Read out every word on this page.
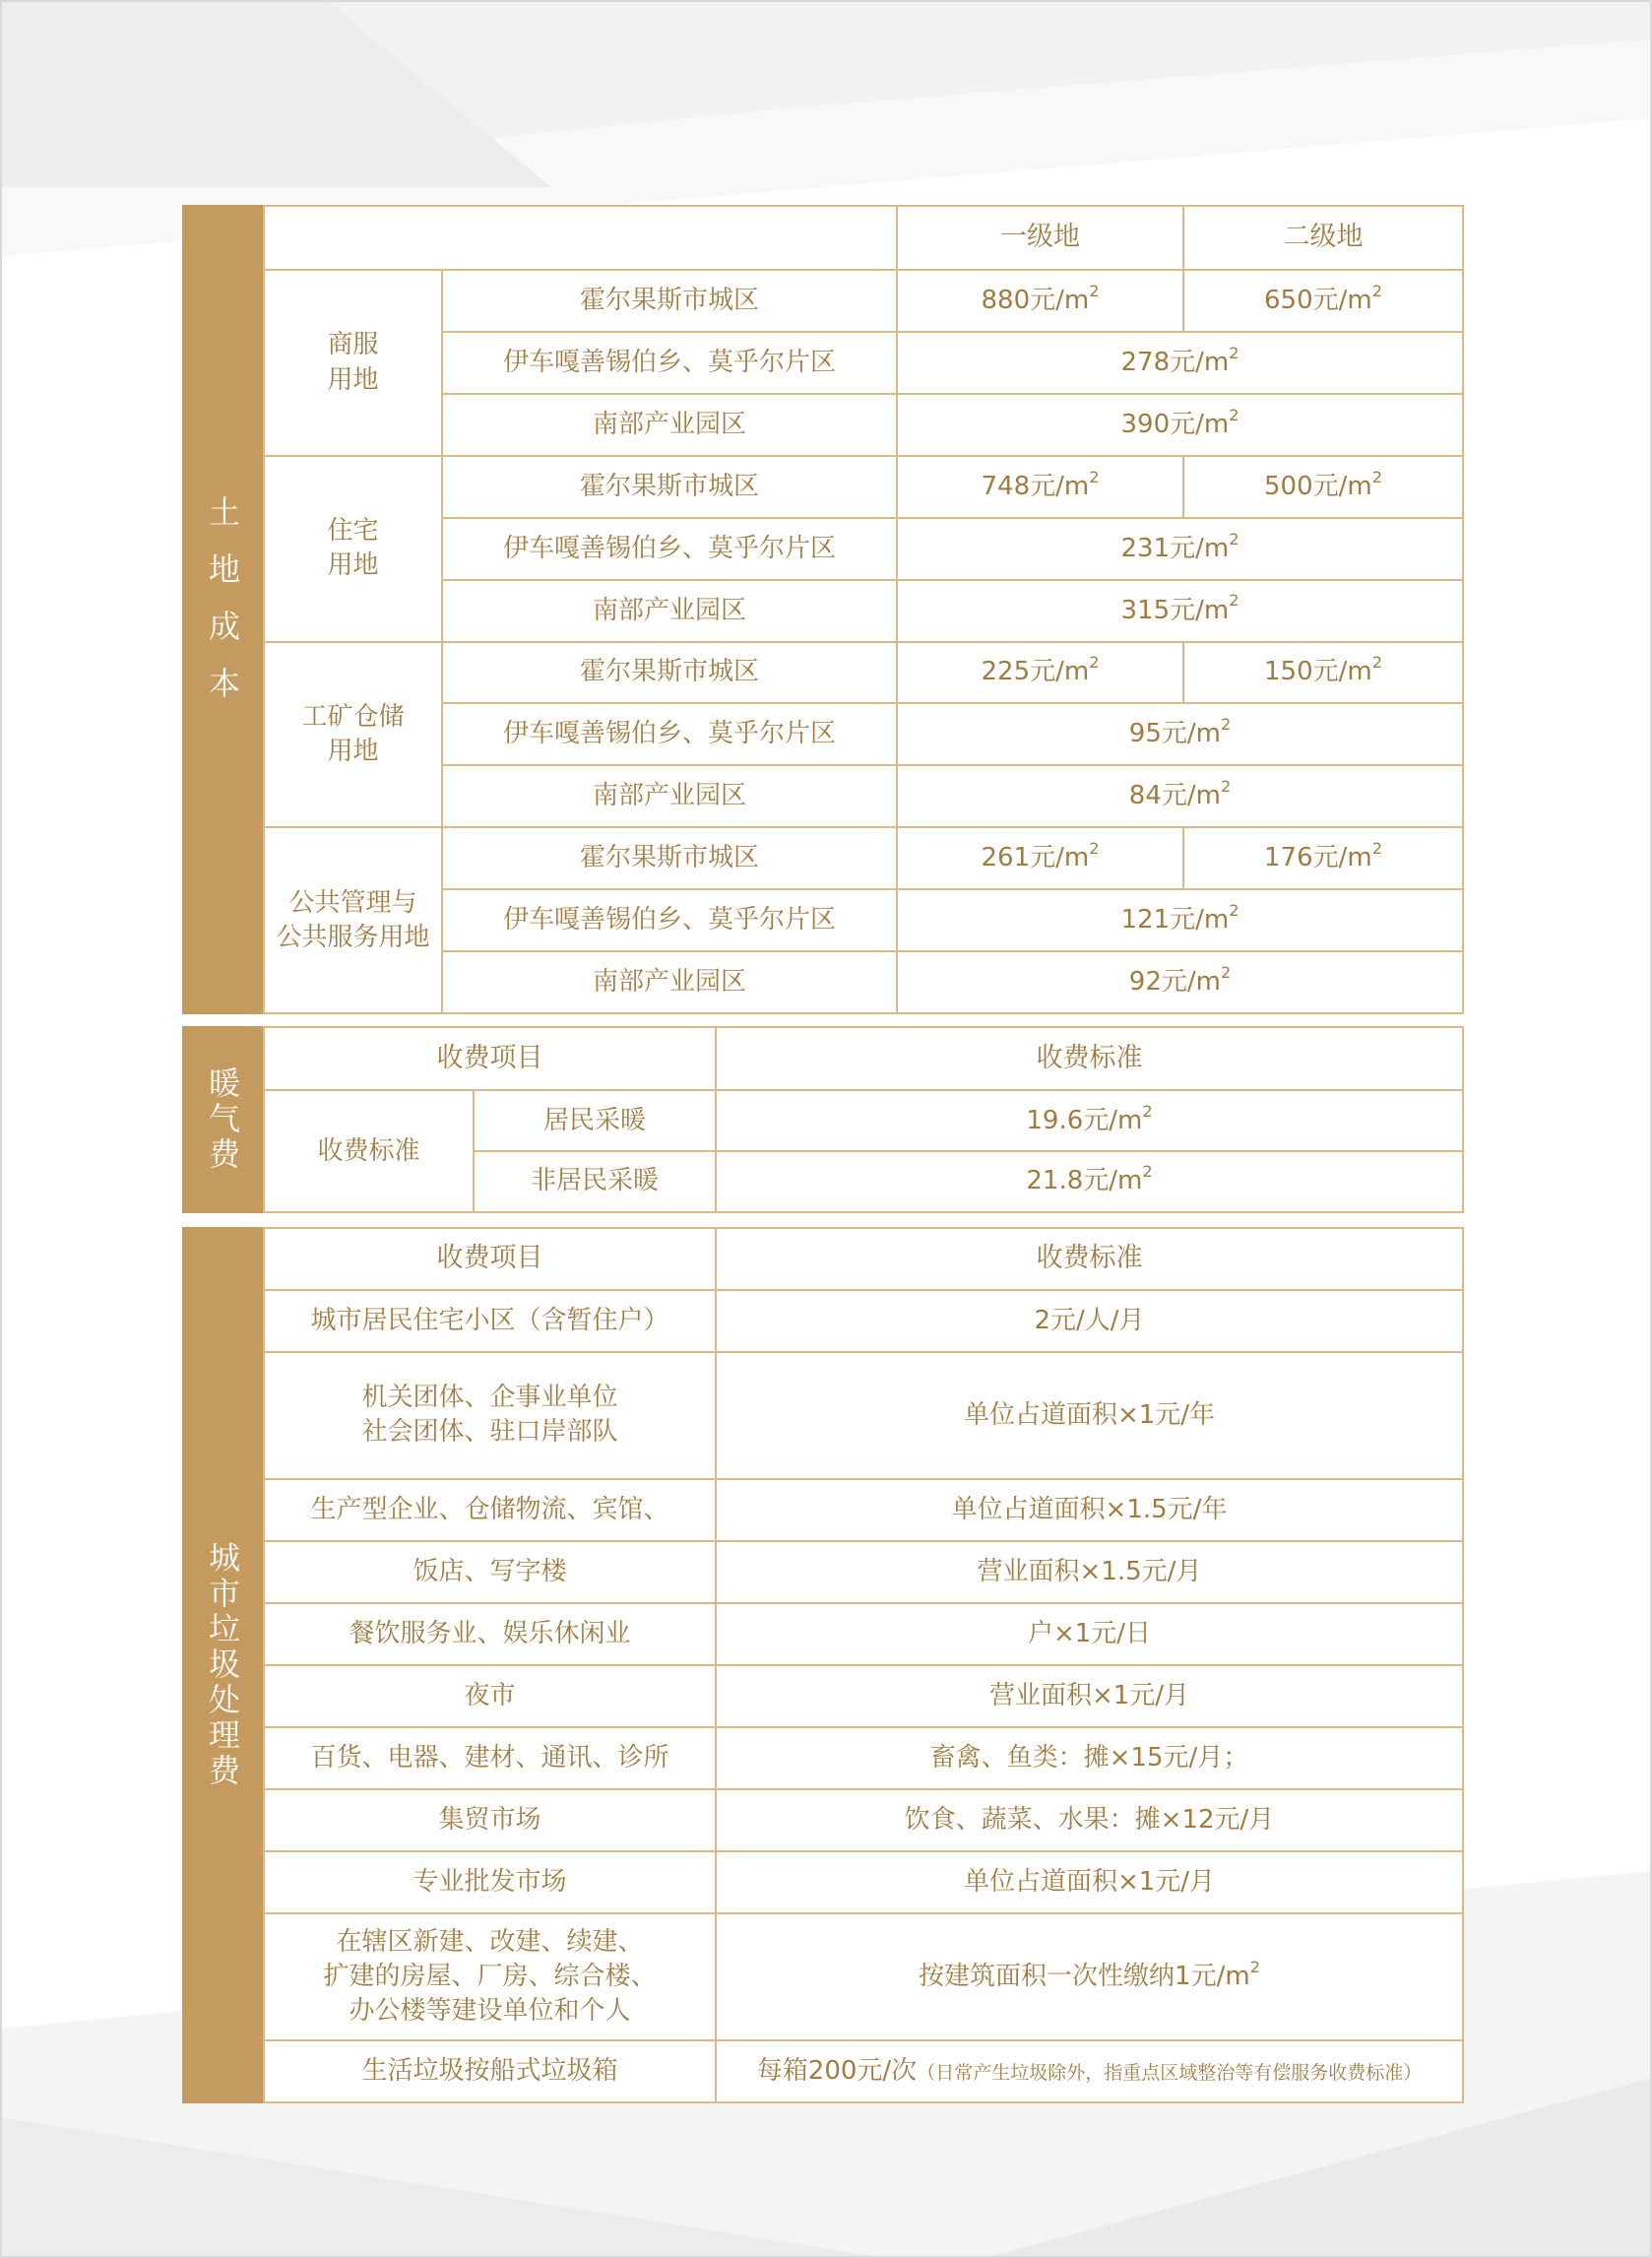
土地成本
		一级地	二级地
商服
用地	霍尔果斯市城区	880元$/m^2$	650元$/m^2$
	伊车嘎善锡伯乡、莫乎尔片区	278元$/m^2$
	南部产业园区	390元$/m^2$
住宅
用地	霍尔果斯市城区	748元$/m^2$	500元$/m^2$
	伊车嘎善锡伯乡、莫乎尔片区	231元$/m^2$
	南部产业园区	315元$/m^2$
工矿仓储
用地	霍尔果斯市城区	225元$/m^2$	150元$/m^2$
	伊车嘎善锡伯乡、莫乎尔片区	95元$/m^2$
	南部产业园区	84元$/m^2$
公共管理与
公共服务用地	霍尔果斯市城区	261元$/m^2$	176元$/m^2$
	伊车嘎善锡伯乡、莫乎尔片区	121元$/m^2$
	南部产业园区	92元$/m^2$
暖气费
收费项目		收费标准
收费标准	居民采暖	19.6元$/m^2$
	非居民采暖	21.8元$/m^2$
城市垃圾处理费
收费项目	收费标准
城市居民住宅小区（含暂住户）	2元/人/月
机关团体、企事业单位
社会团体、驻口岸部队	单位占道面积×1元/年
生产型企业、仓储物流、宾馆、	单位占道面积×1.5元/年
饭店、写字楼	营业面积×1.5元/月
餐饮服务业、娱乐休闲业	户×1元/日
夜市	营业面积×1元/月
百货、电器、建材、通讯、诊所	畜禽、鱼类：摊×15元/月；
集贸市场	饮食、蔬菜、水果：摊×12元/月
专业批发市场	单位占道面积×1元/月
在辖区新建、改建、续建、
扩建的房屋、厂房、综合楼、
办公楼等建设单位和个人	按建筑面积一次性缴纳1元$/m^2$
生活垃圾按船式垃圾箱	每箱200元/次（日常产生垃圾除外，指重点区域整治等有偿服务收费标准）
